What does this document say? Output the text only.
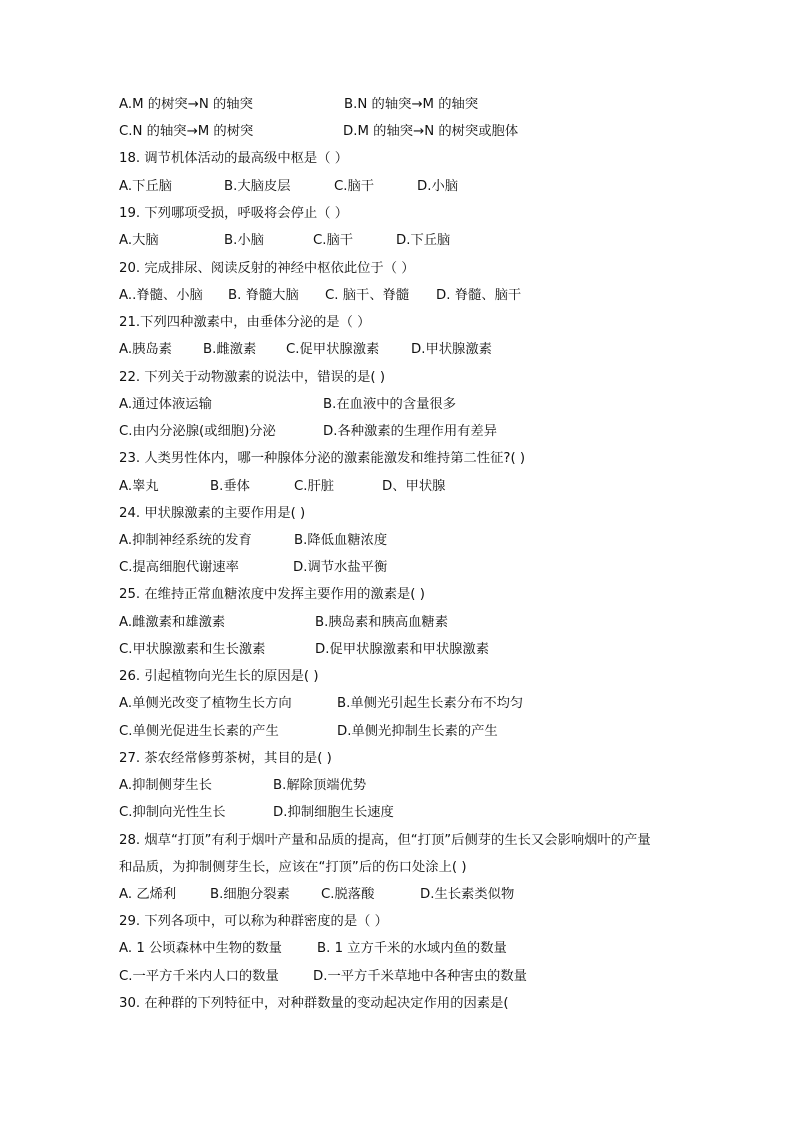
A.M 的树突→N 的轴突	B.N 的轴突→M 的轴突
C.N 的轴突→M 的树突	D.M 的轴突→N 的树突或胞体
18. 调节机体活动的最高级中枢是（ ）
A.下丘脑	B.大脑皮层	C.脑干	D.小脑
19. 下列哪项受损，呼吸将会停止（ ）
A.大脑	B.小脑	C.脑干	D.下丘脑
20. 完成排尿、阅读反射的神经中枢依此位于（ ）
A..脊髓、小脑 B. 脊髓大脑 C. 脑干、脊髓 D. 脊髓、脑干
21.下列四种激素中，由垂体分泌的是（ ）
A.胰岛素 B.雌激素 C.促甲状腺激素 D.甲状腺激素
22. 下列关于动物激素的说法中，错误的是( )
A.通过体液运输	B.在血液中的含量很多
C.由内分泌腺(或细胞)分泌	D.各种激素的生理作用有差异
23. 人类男性体内，哪一种腺体分泌的激素能激发和维持第二性征?( )
A.睾丸	B.垂体	C.肝脏	D、甲状腺
24. 甲状腺激素的主要作用是( )
A.抑制神经系统的发育	B.降低血糖浓度
C.提高细胞代谢速率	D.调节水盐平衡
25. 在维持正常血糖浓度中发挥主要作用的激素是( )
A.雌激素和雄激素	B.胰岛素和胰高血糖素
C.甲状腺激素和生长激素	D.促甲状腺激素和甲状腺激素
26. 引起植物向光生长的原因是( )
A.单侧光改变了植物生长方向	B.单侧光引起生长素分布不均匀
C.单侧光促进生长素的产生	D.单侧光抑制生长素的产生
27. 茶农经常修剪茶树，其目的是( )
A.抑制侧芽生长	B.解除顶端优势
C.抑制向光性生长	D.抑制细胞生长速度
28. 烟草“打顶”有利于烟叶产量和品质的提高，但“打顶”后侧芽的生长又会影响烟叶的产量
和品质，为抑制侧芽生长，应该在“打顶”后的伤口处涂上( )
A. 乙烯利	B.细胞分裂素 C.脱落酸	D.生长素类似物
29. 下列各项中，可以称为种群密度的是（ ）
A. 1 公顷森林中生物的数量	B. 1 立方千米的水域内鱼的数量
C.一平方千米内人口的数量	D.一平方千米草地中各种害虫的数量
30. 在种群的下列特征中，对种群数量的变动起决定作用的因素是(
